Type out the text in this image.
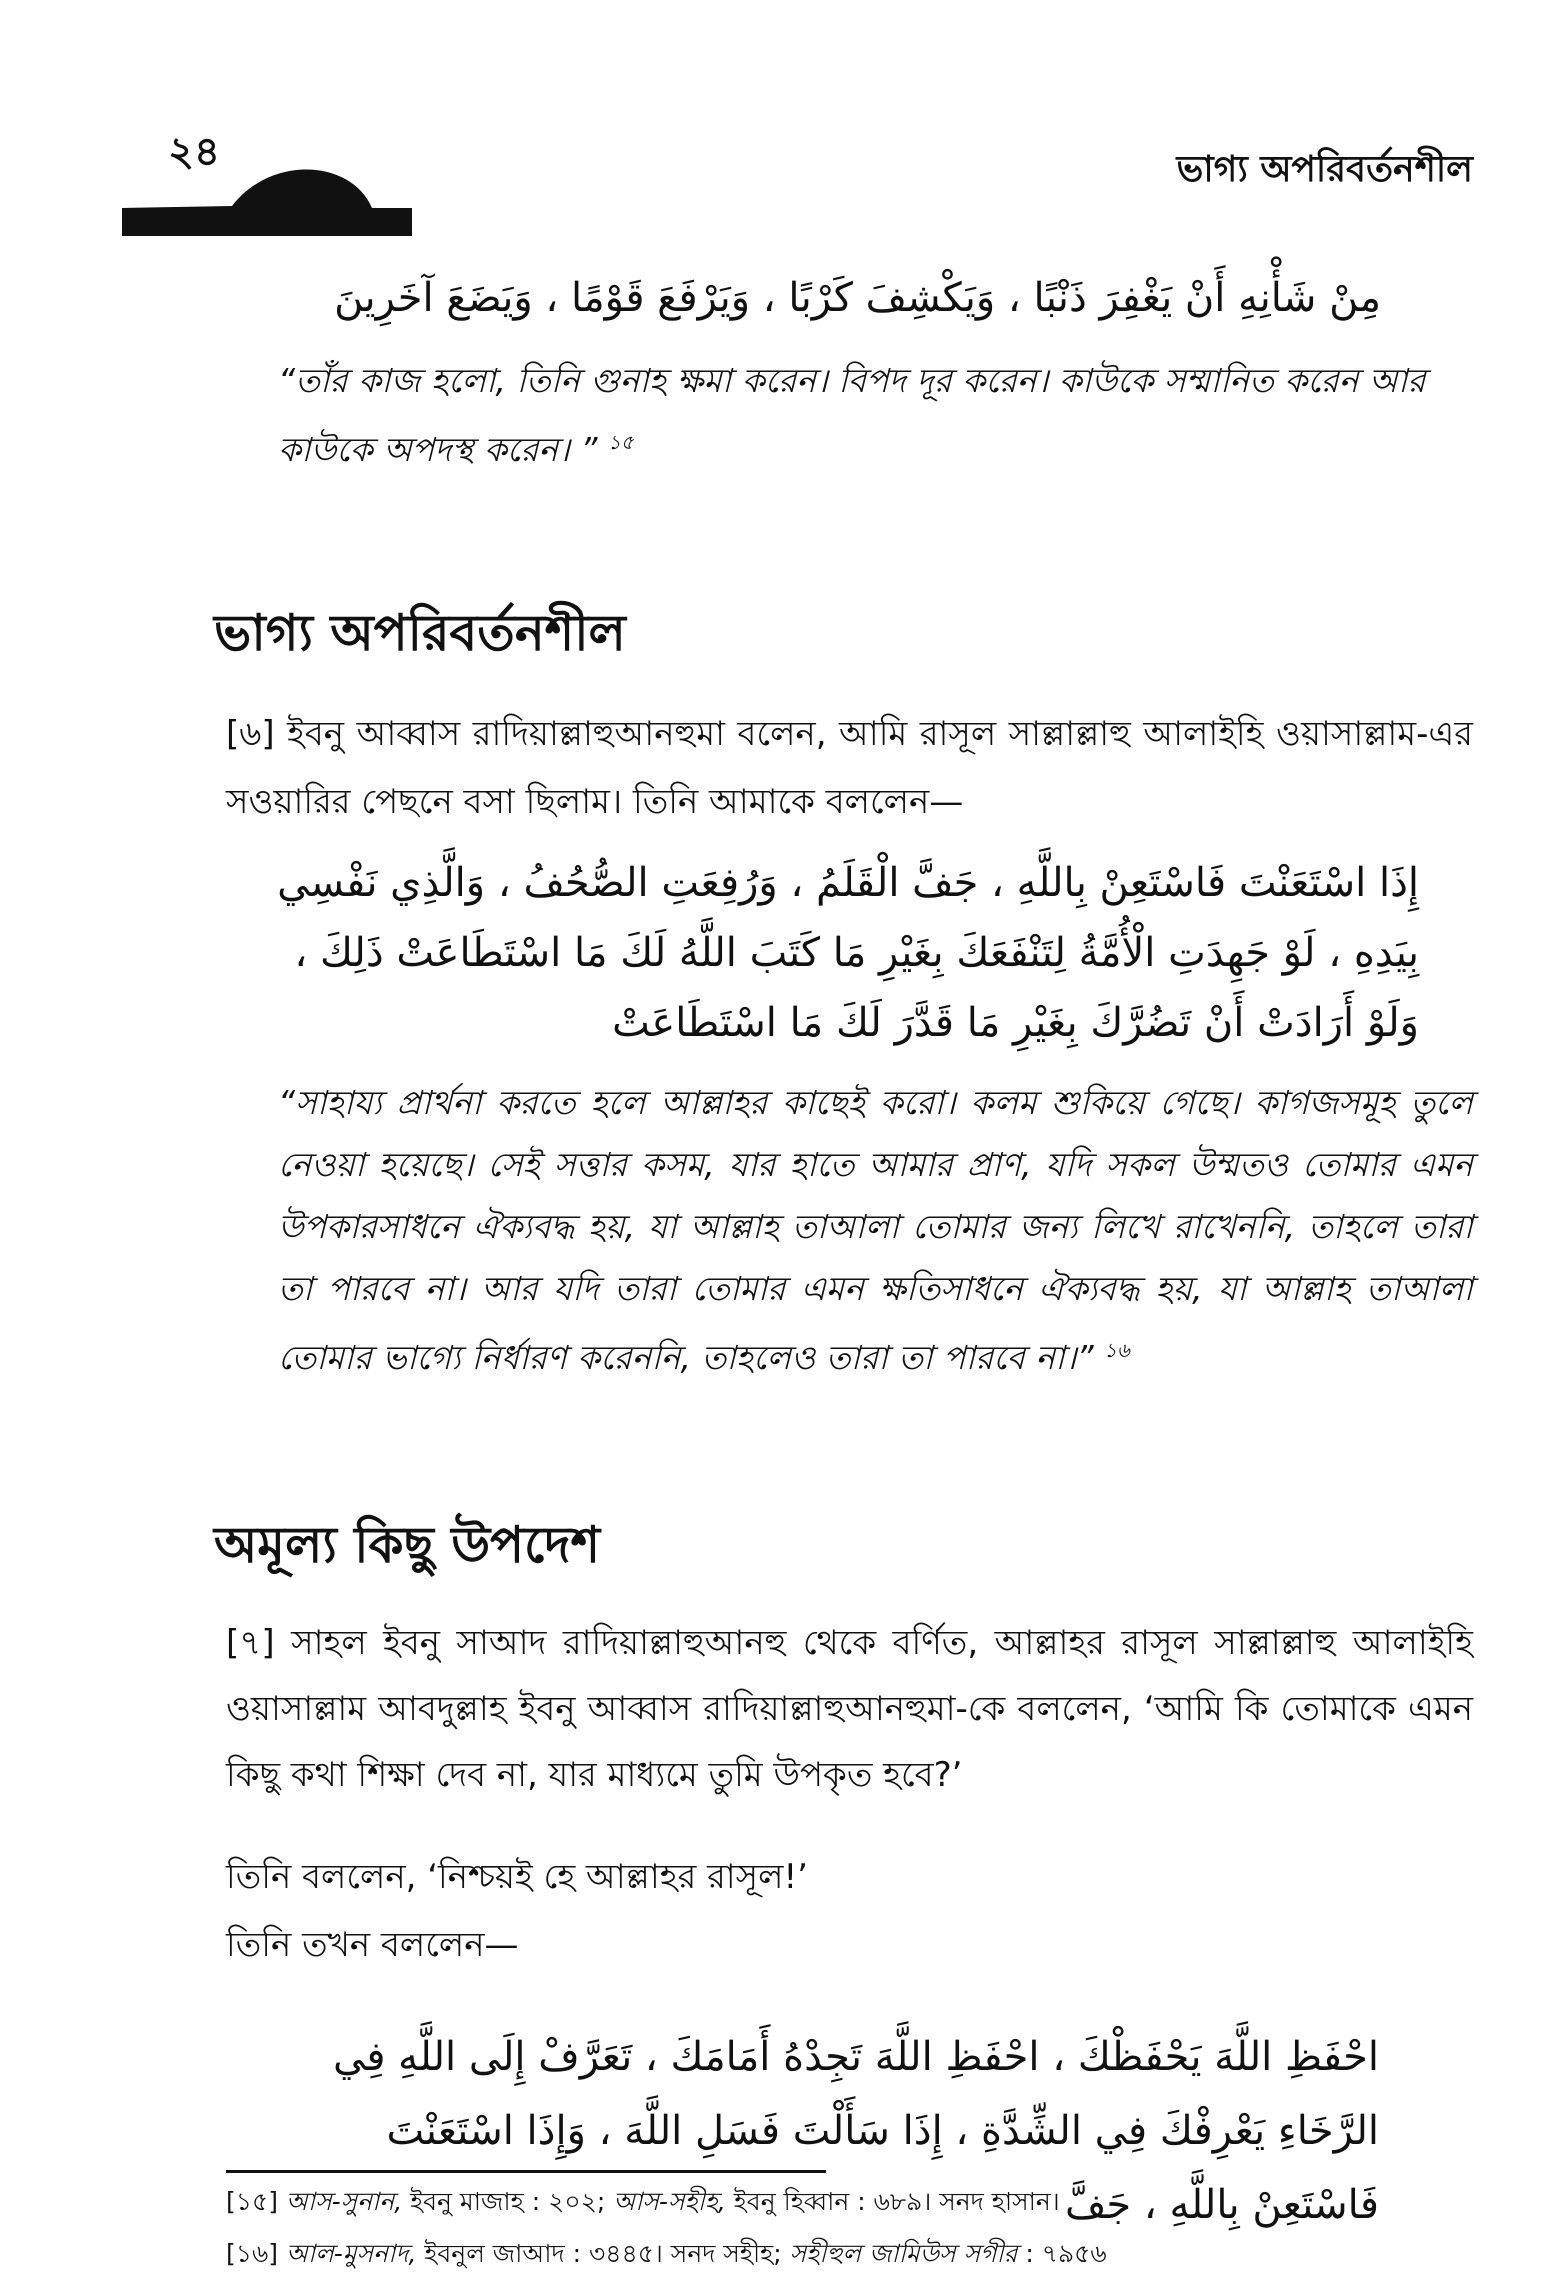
২৪	ভাগ্য অপরিবর্তনশীল
مِنْ شَأْنِهِ أَنْ يَغْفِرَ ذَنْبًا ، وَيَكْشِفَ كَرْبًا ، وَيَرْفَعَ قَوْمًا ، وَيَضَعَ آخَرِينَ
“তাঁর কাজ হলো, তিনি গুনাহ ক্ষমা করেন। বিপদ দূর করেন। কাউকে সম্মানিত করেন আর কাউকে অপদস্থ করেন। ” $^{১৫}$
ভাগ্য অপরিবর্তনশীল
[৬] ইবনু আব্বাস রাদিয়াল্লাহুআনহুমা বলেন, আমি রাসূল সাল্লাল্লাহু আলাইহি ওয়াসাল্লাম-এর সওয়ারির পেছনে বসা ছিলাম। তিনি আমাকে বললেন—
إِذَا اسْتَعَنْتَ فَاسْتَعِنْ بِاللَّهِ ، جَفَّ الْقَلَمُ ، وَرُفِعَتِ الصُّحُفُ ، وَالَّذِي نَفْسِي بِيَدِهِ ، لَوْ جَهِدَتِ الْأُمَّةُ لِتَنْفَعَكَ بِغَيْرِ مَا كَتَبَ اللَّهُ لَكَ مَا اسْتَطَاعَتْ ذَلِكَ ، وَلَوْ أَرَادَتْ أَنْ تَضُرَّكَ بِغَيْرِ مَا قَدَّرَ لَكَ مَا اسْتَطَاعَتْ
“সাহায্য প্রার্থনা করতে হলে আল্লাহর কাছেই করো। কলম শুকিয়ে গেছে। কাগজসমূহ তুলে নেওয়া হয়েছে। সেই সত্তার কসম, যার হাতে আমার প্রাণ, যদি সকল উম্মতও তোমার এমন উপকারসাধনে ঐক্যবদ্ধ হয়, যা আল্লাহ তাআলা তোমার জন্য লিখে রাখেননি, তাহলে তারা তা পারবে না। আর যদি তারা তোমার এমন ক্ষতিসাধনে ঐক্যবদ্ধ হয়, যা আল্লাহ তাআলা তোমার ভাগ্যে নির্ধারণ করেননি, তাহলেও তারা তা পারবে না।” $^{১৬}$
অমূল্য কিছু উপদেশ
[৭] সাহল ইবনু সাআদ রাদিয়াল্লাহুআনহু থেকে বর্ণিত, আল্লাহর রাসূল সাল্লাল্লাহু আলাইহি ওয়াসাল্লাম আবদুল্লাহ ইবনু আব্বাস রাদিয়াল্লাহুআনহুমা-কে বললেন, ‘আমি কি তোমাকে এমন কিছু কথা শিক্ষা দেব না, যার মাধ্যমে তুমি উপকৃত হবে?’
তিনি বললেন, ‘নিশ্চয়ই হে আল্লাহর রাসূল!’
তিনি তখন বললেন—
احْفَظِ اللَّهَ يَحْفَظْكَ ، احْفَظِ اللَّهَ تَجِدْهُ أَمَامَكَ ، تَعَرَّفْ إِلَى اللَّهِ فِي الرَّخَاءِ يَعْرِفْكَ فِي الشِّدَّةِ ، إِذَا سَأَلْتَ فَسَلِ اللَّهَ ، وَإِذَا اسْتَعَنْتَ فَاسْتَعِنْ بِاللَّهِ ، جَفَّ
[১৫] আস-সুনান, ইবনু মাজাহ : ২০২; আস-সহীহ, ইবনু হিব্বান : ৬৮৯। সনদ হাসান।
[১৬] আল-মুসনাদ, ইবনুল জাআদ : ৩৪৪৫। সনদ সহীহ; সহীহুল জামিউস সগীর : ৭৯৫৬
